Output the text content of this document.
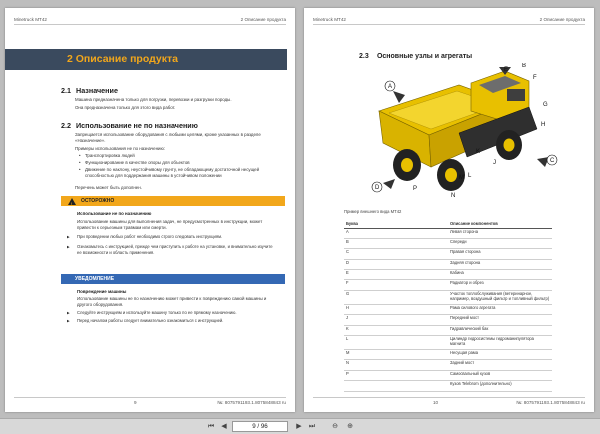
Minetruck MT42	2 Описание продукта
2 Описание продукта
2.1 Назначение
Машина предназначена только для погрузки, перевозки и разгрузки породы.
Она предназначена только для этого вида работ.
2.2 Использование не по назначению
Запрещается использование оборудования с любыми целями, кроме указанных в разделе «Назначение».
Примеры использования не по назначению:
• Транспортировка людей
• Функционирование в качестве опоры для объектов
• Движение по наклону, неустойчивому грунту, не обладающему достаточной несущей способностью для поддержания машины в устойчивом положении
Перечень может быть дополнен.
!
ОСТОРОЖНО
Использование не по назначению
Использование машины для выполнения задач, не предусмотренных в инструкции, может привести к серьезным травмам или смерти.
▶ При проведении любых работ необходимо строго следовать инструкциям.
▶ Ознакомьтесь с инструкцией, прежде чем приступить к работе на установке, и внимательно изучите ее возможности и область применения.
УВЕДОМЛЕНИЕ
Повреждение машины
Использование машины не по назначению может привести к повреждению самой машины и другого оборудования.
▶ Следуйте инструкциям и используйте машину только по ее прямому назначению.
▶ Перед началом работы следует внимательно ознакомиться с инструкцией.
9	№: 8075791193.1.8075848843 ru
Minetruck MT42	2 Описание продукта
2.3 Основные узлы и агрегаты
A
B
C
D
E
F
G
H
J
K
L
M
N
P
Пример внешнего вида MT42
Буква	Описание компонентов
A	Левая сторона
B	Спереди
C	Правая сторона
D	Задняя сторона
E	Кабина
F	Радиатор и обрез
G	Участок топлобслуживания (ветеринарное, например, воздушный фильтр и топливный фильтр)
H	Рама силового агрегата
J	Передний мост
K	Гидравлический бак
L	Цилиндр гидросистемы гидроманипулятора магнита
M	Несущая рама
N	Задний мост
P	Самосвальный кузов
	Кузов Telebrom (дополнительно)
10	№: 8075791193.1.8075848843 ru
⏮	◀	9 / 96	▶	⏭ ⊖ ⊕
